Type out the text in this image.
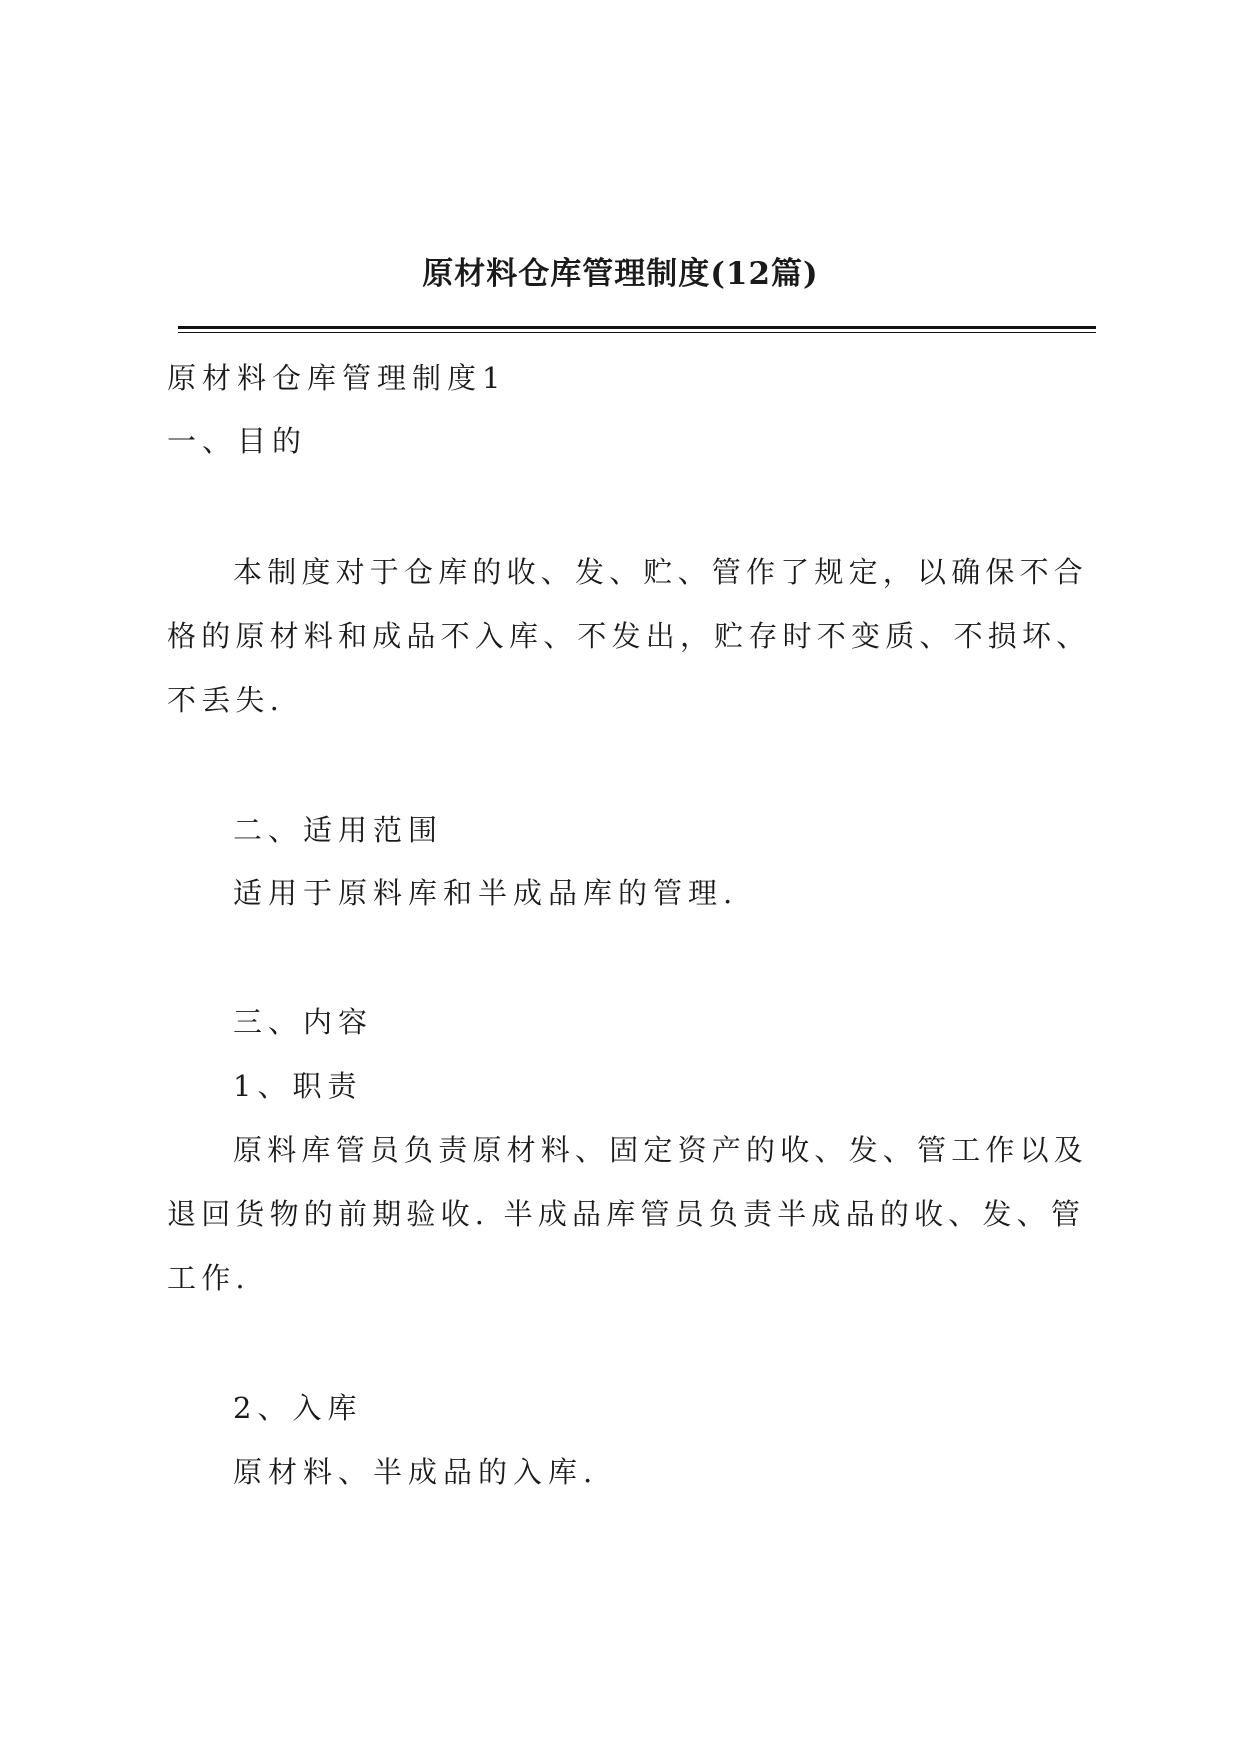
原材料仓库管理制度(12篇)
原材料仓库管理制度1
一、目的

本制度对于仓库的收、发、贮、管作了规定，以确保不合格的原材料和成品不入库、不发出，贮存时不变质、不损坏、不丢失.

二、适用范围
适用于原料库和半成品库的管理.
三、内容
1、职责

原料库管员负责原材料、固定资产的收、发、管工作以及退回货物的前期验收. 半成品库管员负责半成品的收、发、管工作.

2、入库
原材料、半成品的入库.
